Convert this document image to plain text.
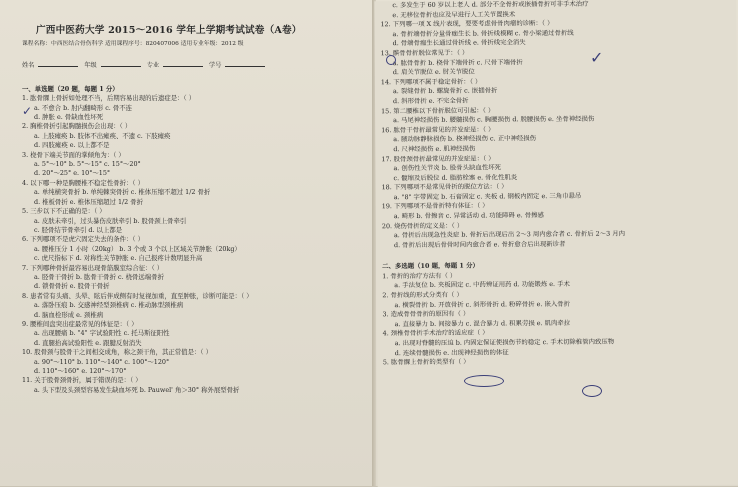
广西中医药大学 2015～2016 学年上学期考试试卷（A卷）
课程名称：中西医结合骨伤科学 适用课程序号：820407006 适用专业年级：2012 级
姓名	年级	专业	学号
一、单选题（20 题，每题 1 分）
1. 肱骨髁上骨折如处理不当，后期容易出现的后遗症是：（ ）
a. 不愈合 b. 肘内翻畸形 c. 骨不连
d. 肿胀 e. 骨缺血性坏死
2. 胸椎骨折引起胸髓损伤会出现：（ ）
a. 上肢瘫痪 b. 肢体不出瘫痪、不遗 c. 下肢瘫痪
d. 四肢瘫痪 e. 以上都不是
3. 桡骨下端关节面的掌倾角为：（ ）
a. 5°～10° b. 5°～15° c. 15°～20°
d. 20°～25° e. 10°～15°
4. 以下哪一种是胸腰椎不稳定性骨折：（ ）
a. 单纯横突骨折 b. 单纯棘突骨折 c. 椎体压缩不超过 1/2 骨折
d. 椎板骨折 e. 椎体压缩超过 1/2 骨折
5. 三步以下不正确的是：（ ）
a. 皮肤未牵引，过头暴伤皮肤牵引 b. 股骨颈上骨牵引
c. 胫骨结节骨牵引 d. 以上都是
6. 下列哪项不是虎穴固定失去的条件：（ ）
a. 腰椎压分 1 小时（20kg） b. 3 个或 3 个以上区域关节肿胀（20kg）
c. 虎尺指标下 d. 对称性关节肿胀 e. 自己报疼计数明显升高
7. 下列哪种骨折最容易出现骨筋膜室综合征：（ ）
a. 胫骨干骨折 b. 肱骨干骨折 c. 桡骨远端骨折
d. 锁骨骨折 e. 股骨干骨折
8. 患者常有头痛、头晕、眩后伴成侧有时复视加重，直至肿胀，诊断可能是：（ ）
a. 落卧压痕 b. 交感神经型颈椎病 c. 椎动脉型颈椎病
d. 脑血栓形成 e. 颈椎病
9. 腰椎间盘突出症最常见的体征是：（ ）
a. 出现腰痛 b. "4" 字试验阳性 c. 托马斯征阳性
d. 直腿抬高试验阳性 e. 跟腱反射消失
10. 股骨颈与股骨干之间相交成角，称之颈干角，其正常值是：（ ）
a. 90°～110° b. 110°～140° c. 100°～120°
d. 110°～160° e. 120°～170°
11. 关于股骨颈骨折，属于错误的是：（ ）
a. 头下型及头颈型容易发生缺血坏死 b. Pauwel' 角＞30° 称外展型骨折
c. 多发生于 60 岁以上老人 d. 部分不全骨折或嵌插骨折可非手术治疗
e. 无移位骨折也应及早进行人工关节置换术
12. 下列哪一项 X 线片表现，要要考虑骨骨肉瘤的诊断：（ ）
a. 骨折端骨折分量骨痂生长 b. 骨折线模糊 c. 骨小梁通过骨折线
d. 骨端骨痂生长通过骨折线 e. 骨折线完全消失
13. 髌骨骨折脱位常见于：（ ）
a. 肱骨骨折 b. 桡骨下端骨折 c. 尺骨下端骨折
d. 肩关节脱位 e. 肘关节脱位
14. 下列哪项不属于稳定骨折：（ ）
a. 裂缝骨折 b. 螺旋骨折 c. 嵌插骨折
d. 斜形骨折 e. 不完全骨折
15. 第二腰椎以下骨折脱位可引起：（ ）
a. 马尾神经损伤 b. 腰髓损伤 c. 胸腰损伤 d. 脱腰损伤 e. 坐骨神经损伤
16. 肱骨干骨折最常见的并发症是：（ ）
a. 腋动脉静脉损伤 b. 桡神经损伤 c. 正中神经损伤
d. 尺神经损伤 e. 肌神经损伤
17. 股骨颈骨折最常见的并发症是：（ ）
a. 创伤性关节炎 b. 股骨头缺血性坏死
c. 髋缩及后脱位 d. 脂肪栓塞 e. 骨化性肌炎
18. 下列哪项不是常见骨折的脱位方法：（ ）
a. "8" 字带固定 b. 石膏固定 c. 夹板 d. 钢板内固定 e. 三角巾悬吊
19. 下列哪项不是骨折特有体征：（ ）
a. 畸形 b. 骨擦音 c. 异常活动 d. 功能障碍 e. 骨擦感
20. 烧伤骨折的定义是：（ ）
a. 骨折后出现急性炎症 b. 骨折后出现后出 2～3 周内愈合者 c. 骨折后 2～3 月内
d. 骨折后出现后骨骨时间内愈合者 e. 骨折愈合后出现新诊者
二、多选题（10 题，每题 1 分）
1. 骨折的治疗方法有（ ）
a. 手法复位 b. 夹板固定 c. 中药辨证用药 d. 功能锻炼 e. 手术
2. 骨折线的形式分类有（ ）
a. 横裂骨折 b. 开放骨折 c. 斜形骨折 d. 粉碎骨折 e. 嵌入骨折
3. 造成骨骨骨折的原因有（ ）
a. 直接暴力 b. 间接暴力 c. 混合暴力 d. 积累劳损 e. 肌肉牵拉
4. 颈椎骨骨折手术治疗的适应症（ ）
a. 出现对脊髓的压迫 b. 内固定保证使损伤节的稳定 c. 手术切除椎管内致压物
d. 连续骨髓损伤 e. 出现神经损伤的体征
5. 肱骨髁上骨折的类型有（ ）
✓
✓
